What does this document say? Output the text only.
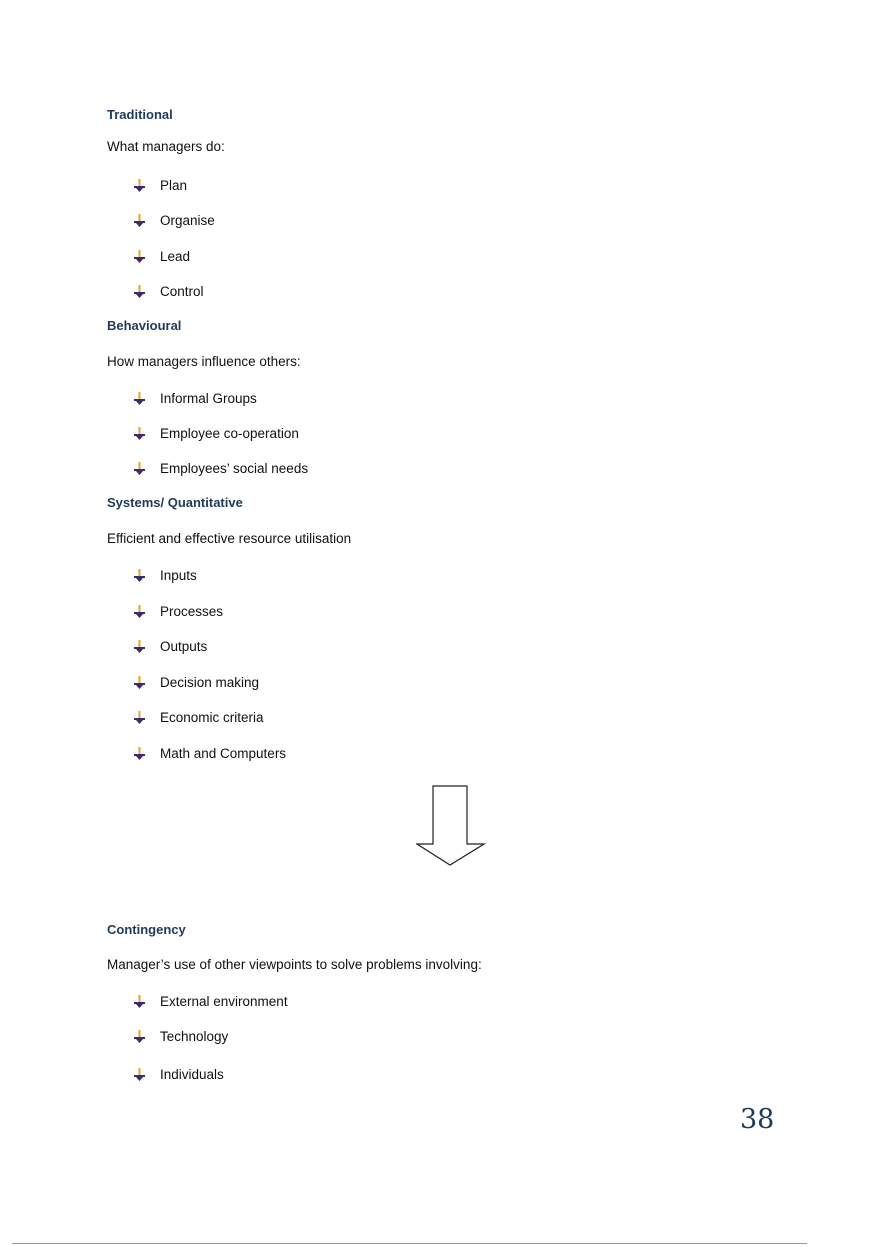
Traditional
What managers do:
Plan
Organise
Lead
Control
Behavioural
How managers influence others:
Informal Groups
Employee co-operation
Employees’ social needs
Systems/ Quantitative
Efficient and effective resource utilisation
Inputs
Processes
Outputs
Decision making
Economic criteria
Math and Computers
Contingency
Manager’s use of other viewpoints to solve problems involving:
External environment
Technology
Individuals
38
